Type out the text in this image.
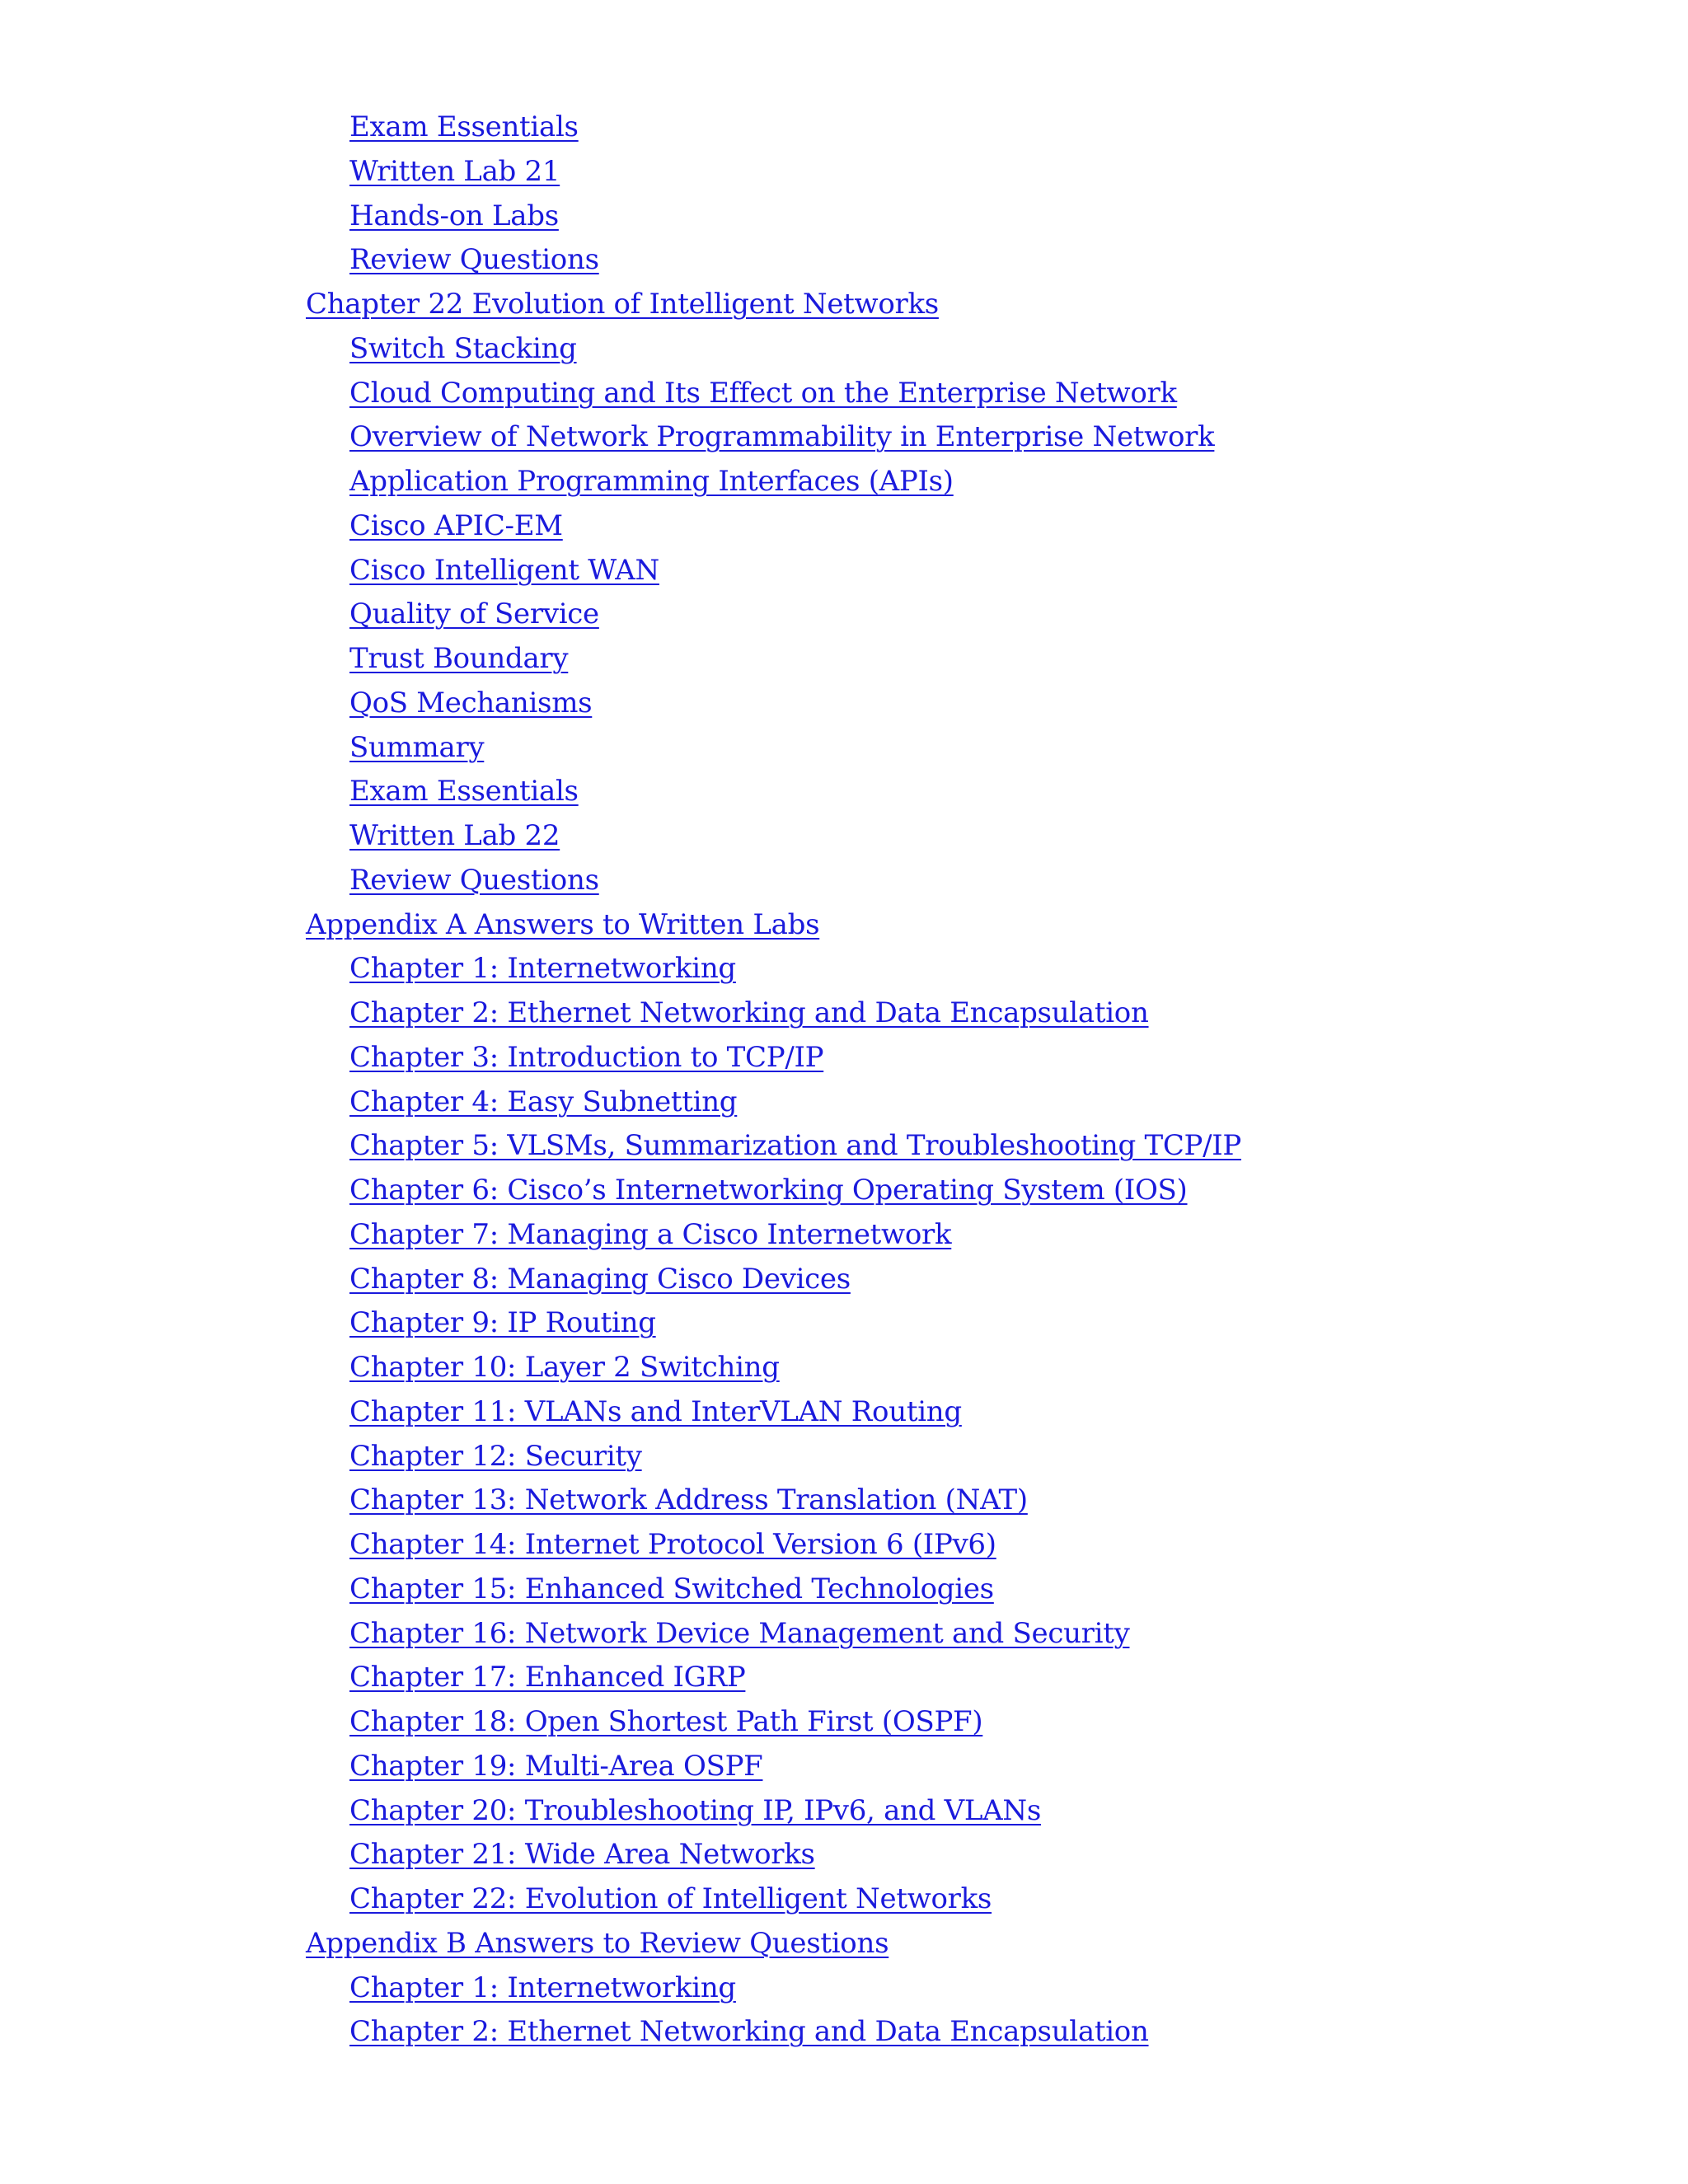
Exam Essentials
Written Lab 21
Hands-on Labs
Review Questions
Chapter 22 Evolution of Intelligent Networks
Switch Stacking
Cloud Computing and Its Effect on the Enterprise Network
Overview of Network Programmability in Enterprise Network
Application Programming Interfaces (APIs)
Cisco APIC-EM
Cisco Intelligent WAN
Quality of Service
Trust Boundary
QoS Mechanisms
Summary
Exam Essentials
Written Lab 22
Review Questions
Appendix A Answers to Written Labs
Chapter 1: Internetworking
Chapter 2: Ethernet Networking and Data Encapsulation
Chapter 3: Introduction to TCP/IP
Chapter 4: Easy Subnetting
Chapter 5: VLSMs, Summarization and Troubleshooting TCP/IP
Chapter 6: Cisco’s Internetworking Operating System (IOS)
Chapter 7: Managing a Cisco Internetwork
Chapter 8: Managing Cisco Devices
Chapter 9: IP Routing
Chapter 10: Layer 2 Switching
Chapter 11: VLANs and InterVLAN Routing
Chapter 12: Security
Chapter 13: Network Address Translation (NAT)
Chapter 14: Internet Protocol Version 6 (IPv6)
Chapter 15: Enhanced Switched Technologies
Chapter 16: Network Device Management and Security
Chapter 17: Enhanced IGRP
Chapter 18: Open Shortest Path First (OSPF)
Chapter 19: Multi-Area OSPF
Chapter 20: Troubleshooting IP, IPv6, and VLANs
Chapter 21: Wide Area Networks
Chapter 22: Evolution of Intelligent Networks
Appendix B Answers to Review Questions
Chapter 1: Internetworking
Chapter 2: Ethernet Networking and Data Encapsulation
